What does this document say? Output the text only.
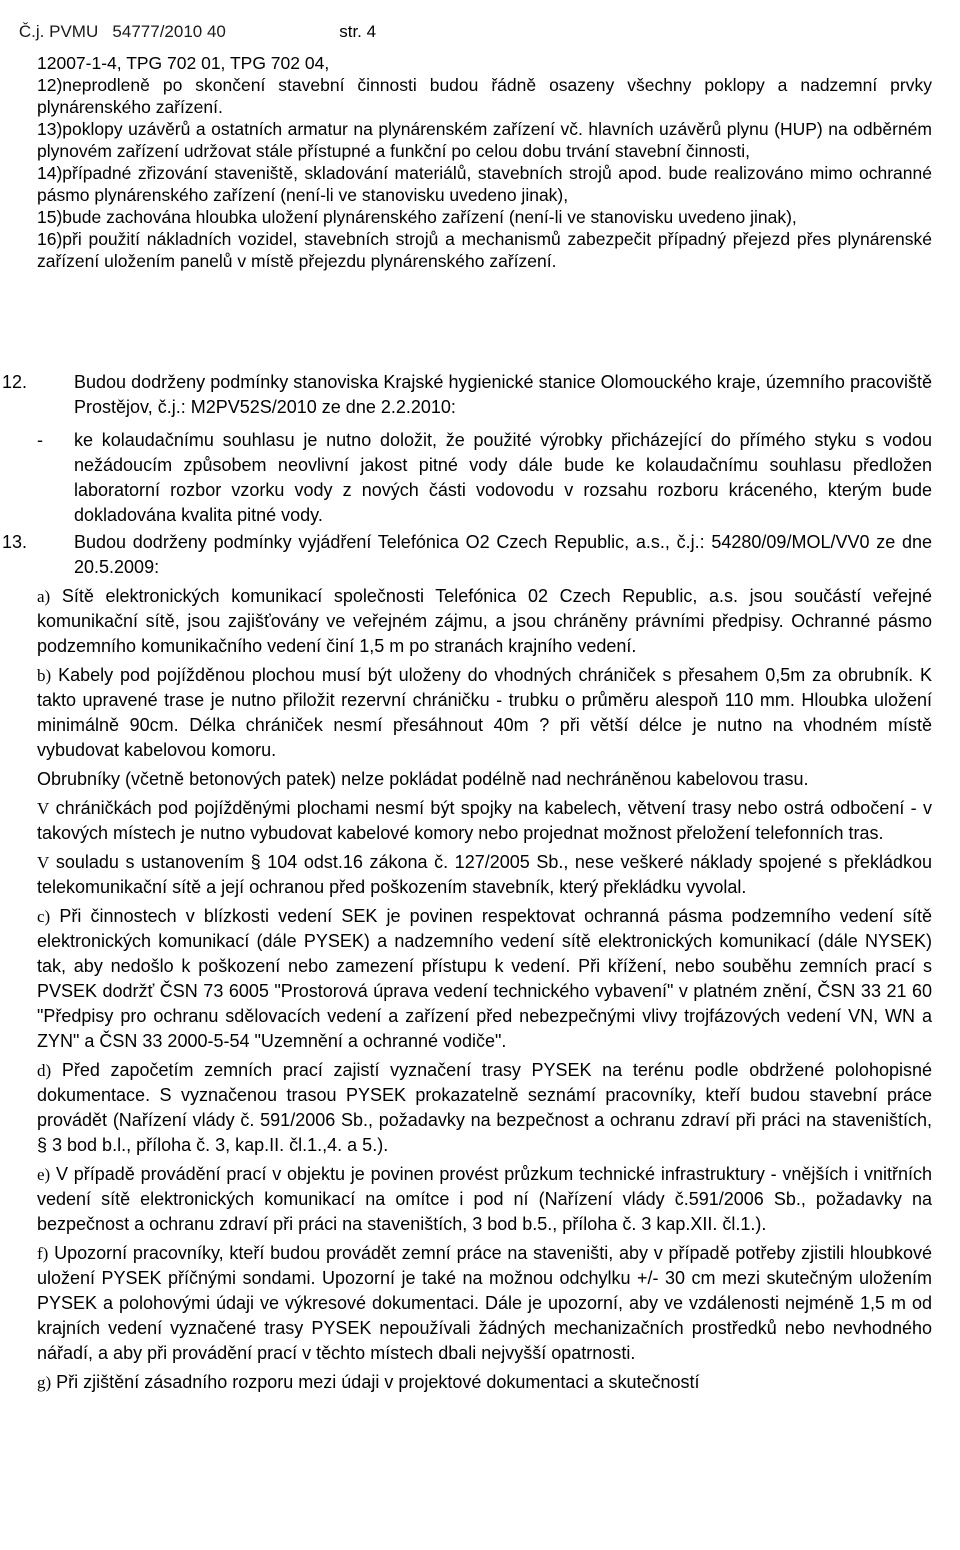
Č.j. PVMU   54777/2010 40	str. 4

12007-1-4, TPG 702 01, TPG 702 04,

12)neprodleně po skončení stavební činnosti budou řádně osazeny všechny poklopy a nadzemní prvky plynárenského zařízení.

13)poklopy uzávěrů a ostatních armatur na plynárenském zařízení vč. hlavních uzávěrů plynu (HUP) na odběrném plynovém zařízení udržovat stále přístupné a funkční po celou dobu trvání stavební činnosti,

14)případné zřizování staveniště, skladování materiálů, stavebních strojů apod. bude realizováno mimo ochranné pásmo plynárenského zařízení (není-li ve stanovisku uvedeno jinak),

15)bude zachována hloubka uložení plynárenského zařízení (není-li ve stanovisku uvedeno jinak),

16)při použití nákladních vozidel, stavebních strojů a mechanismů zabezpečit případný přejezd přes plynárenské zařízení uložením panelů v místě přejezdu plynárenského zařízení.

12.	Budou dodrženy podmínky stanoviska Krajské hygienické stanice Olomouckého kraje, územního pracoviště Prostějov, č.j.: M2PV52S/2010 ze dne 2.2.2010:

- ke kolaudačnímu souhlasu je nutno doložit, že použité výrobky přicházející do přímého styku s vodou nežádoucím způsobem neovlivní jakost pitné vody dále bude ke kolaudačnímu souhlasu předložen laboratorní rozbor vzorku vody z nových části vodovodu v rozsahu rozboru kráceného, kterým bude dokladována kvalita pitné vody.

13.	Budou dodrženy podmínky vyjádření Telefónica O2 Czech Republic, a.s., č.j.: 54280/09/MOL/VV0 ze dne 20.5.2009:

a) Sítě elektronických komunikací společnosti Telefónica 02 Czech Republic, a.s. jsou součástí veřejné komunikační sítě, jsou zajišťovány ve veřejném zájmu, a jsou chráněny právními předpisy. Ochranné pásmo podzemního komunikačního vedení činí 1,5 m po stranách krajního vedení.

b) Kabely pod pojížděnou plochou musí být uloženy do vhodných chrániček s přesahem 0,5m za obrubník. K takto upravené trase je nutno přiložit rezervní chráničku - trubku o průměru alespoň 110 mm. Hloubka uložení minimálně 90cm. Délka chrániček nesmí přesáhnout 40m ? při větší délce je nutno na vhodném místě vybudovat kabelovou komoru.

Obrubníky (včetně betonových patek) nelze pokládat podélně nad nechráněnou kabelovou trasu.

V chráničkách pod pojížděnými plochami nesmí být spojky na kabelech, větvení trasy nebo ostrá odbočení - v takových místech je nutno vybudovat kabelové komory nebo projednat možnost přeložení telefonních tras.

V souladu s ustanovením § 104 odst.16 zákona č. 127/2005 Sb., nese veškeré náklady spojené s překládkou telekomunikační sítě a její ochranou před poškozením stavebník, který překládku vyvolal.

c) Při činnostech v blízkosti vedení SEK je povinen respektovat ochranná pásma podzemního vedení sítě elektronických komunikací (dále PYSEK) a nadzemního vedení sítě elektronických komunikací (dále NYSEK) tak, aby nedošlo k poškození nebo zamezení přístupu k vedení. Při křížení, nebo souběhu zemních prací s PVSEK dodržť ČSN 73 6005 "Prostorová úprava vedení technického vybavení" v platném znění, ČSN 33 21 60 "Předpisy pro ochranu sdělovacích vedení a zařízení před nebezpečnými vlivy trojfázových vedení VN, WN a ZYN" a ČSN 33 2000-5-54 "Uzemnění a ochranné vodiče".

d) Před započetím zemních prací zajistí vyznačení trasy PYSEK na terénu podle obdržené polohopisné dokumentace. S vyznačenou trasou PYSEK prokazatelně seznámí pracovníky, kteří budou stavební práce provádět (Nařízení vlády č. 591/2006 Sb., požadavky na bezpečnost a ochranu zdraví při práci na staveništích, § 3 bod b.l., příloha č. 3, kap.II. čl.1.,4. a 5.).

e) V případě provádění prací v objektu je povinen provést průzkum technické infrastruktury - vnějších i vnitřních vedení sítě elektronických komunikací na omítce i pod ní (Nařízení vlády č.591/2006 Sb., požadavky na bezpečnost a ochranu zdraví při práci na staveništích, 3 bod b.5., příloha č. 3 kap.XII. čl.1.).

f) Upozorní pracovníky, kteří budou provádět zemní práce na staveništi, aby v případě potřeby zjistili hloubkové uložení PYSEK příčnými sondami. Upozorní je také na možnou odchylku +/- 30 cm mezi skutečným uložením PYSEK a polohovými údaji ve výkresové dokumentaci. Dále je upozorní, aby ve vzdálenosti nejméně 1,5 m od krajních vedení vyznačené trasy PYSEK nepoužívali žádných mechanizačních prostředků nebo nevhodného nářadí, a aby při provádění prací v těchto místech dbali nejvyšší opatrnosti.

g) Při zjištění zásadního rozporu mezi údaji v projektové dokumentaci a skutečností
